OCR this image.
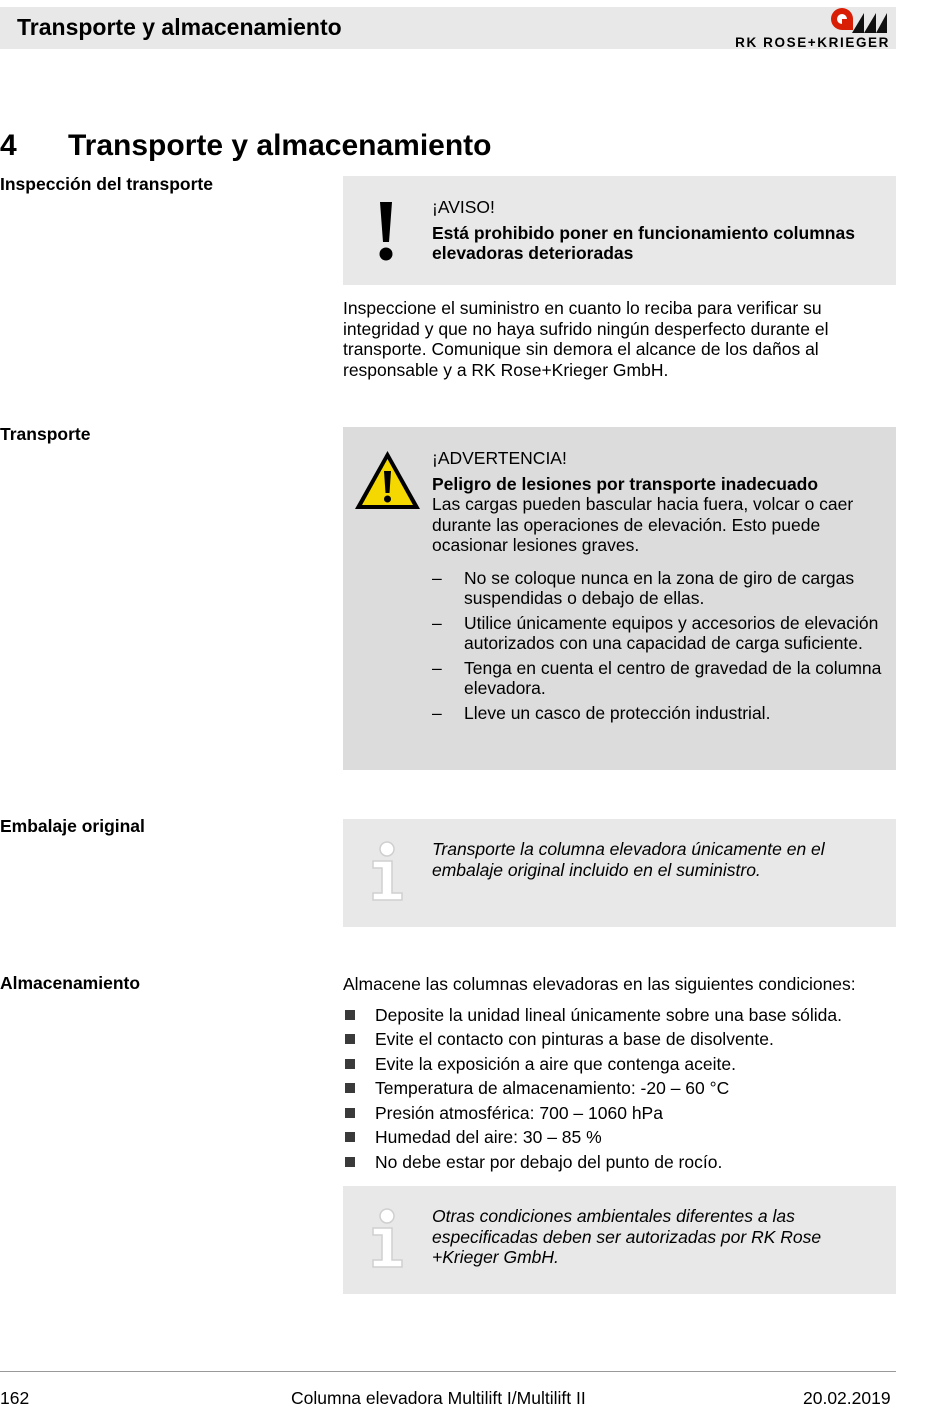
Transporte y almacenamiento
RK ROSE+KRIEGER
4 Transporte y almacenamiento
Inspección del transporte
¡AVISO!
Está prohibido poner en funcionamiento columnas elevadoras deterioradas
Inspeccione el suministro en cuanto lo reciba para verificar su integridad y que no haya sufrido ningún desperfecto durante el transporte. Comunique sin demora el alcance de los daños al responsable y a RK Rose+Krieger GmbH.
Transporte
¡ADVERTENCIA!
Peligro de lesiones por transporte inadecuado
Las cargas pueden bascular hacia fuera, volcar o caer durante las operaciones de elevación. Esto puede ocasionar lesiones graves.
– No se coloque nunca en la zona de giro de cargas suspendidas o debajo de ellas.
– Utilice únicamente equipos y accesorios de elevación autorizados con una capacidad de carga suficiente.
– Tenga en cuenta el centro de gravedad de la columna elevadora.
– Lleve un casco de protección industrial.
Embalaje original
Transporte la columna elevadora únicamente en el embalaje original incluido en el suministro.
Almacenamiento	Almacene las columnas elevadoras en las siguientes condiciones:
Deposite la unidad lineal únicamente sobre una base sólida.
Evite el contacto con pinturas a base de disolvente.
Evite la exposición a aire que contenga aceite.
Temperatura de almacenamiento: -20 – 60 °C
Presión atmosférica: 700 – 1060 hPa
Humedad del aire: 30 – 85 %
No debe estar por debajo del punto de rocío.
Otras condiciones ambientales diferentes a las especificadas deben ser autorizadas por RK Rose +Krieger GmbH.
162	Columna elevadora Multilift I/Multilift II	20.02.2019
